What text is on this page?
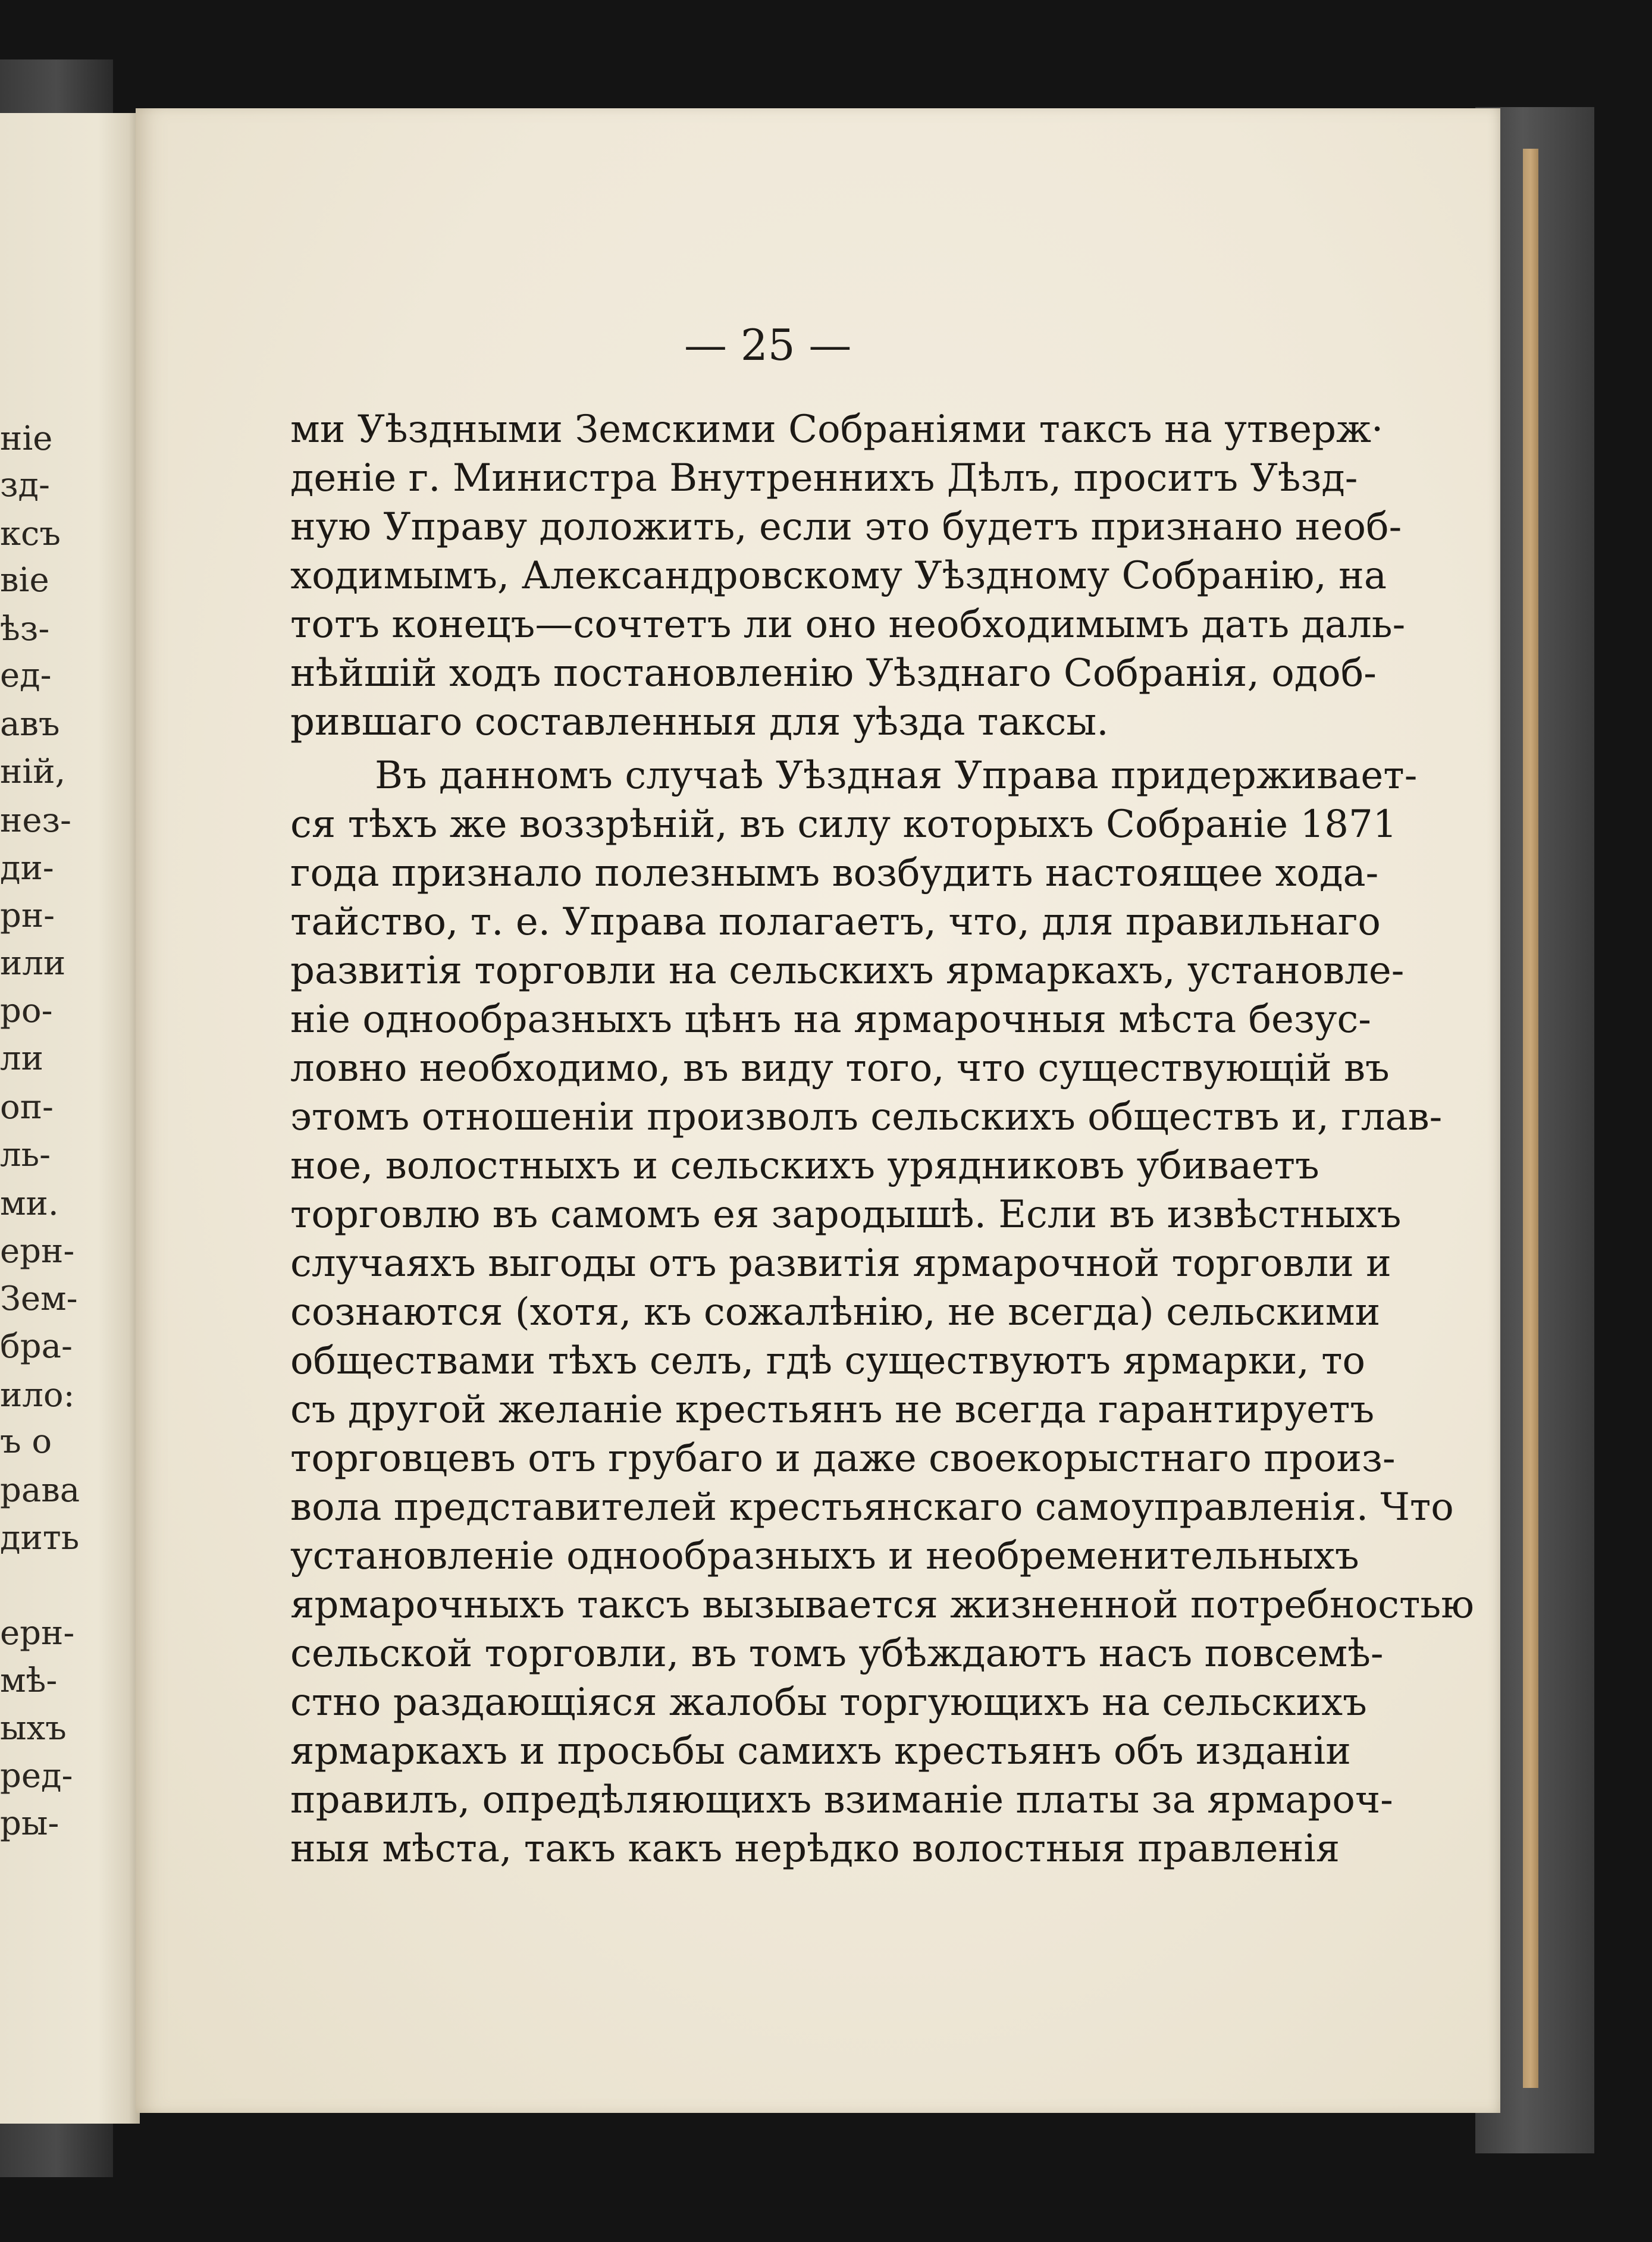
ніе
зд-
ксъ
віе
ѣз-
ед-
авъ
ній,
нез-
ди-
рн-
или
ро-
ли
оп-
ль-
ми.
ерн-
Зем-
бра-
ило:
ъ о
рава
дить
ерн-
мѣ-
ыхъ
ред-
ры-
— 25 —
ми Уѣздными Земскими Собраніями таксъ на утверж·
деніе г. Министра Внутреннихъ Дѣлъ, проситъ Уѣзд-
ную Управу доложить, если это будетъ признано необ-
ходимымъ, Александровскому Уѣздному Собранію, на
тотъ конецъ—сочтетъ ли оно необходимымъ дать даль-
нѣйшій ходъ постановленію Уѣзднаго Собранія, одоб-
рившаго составленныя для уѣзда таксы.
Въ данномъ случаѣ Уѣздная Управа придерживает-
ся тѣхъ же воззрѣній, въ силу которыхъ Собраніе 1871
года признало полезнымъ возбудить настоящее хода-
тайство, т. е. Управа полагаетъ, что, для правильнаго
развитія торговли на сельскихъ ярмаркахъ, установле-
ніе однообразныхъ цѣнъ на ярмарочныя мѣста безус-
ловно необходимо, въ виду того, что существующій въ
этомъ отношеніи произволъ сельскихъ обществъ и, глав-
ное, волостныхъ и сельскихъ урядниковъ убиваетъ
торговлю въ самомъ ея зародышѣ. Если въ извѣстныхъ
случаяхъ выгоды отъ развитія ярмарочной торговли и
сознаются (хотя, къ сожалѣнію, не всегда) сельскими
обществами тѣхъ селъ, гдѣ существуютъ ярмарки, то
съ другой желаніе крестьянъ не всегда гарантируетъ
торговцевъ отъ грубаго и даже своекорыстнаго произ-
вола представителей крестьянскаго самоуправленія. Что
установленіе однообразныхъ и необременительныхъ
ярмарочныхъ таксъ вызывается жизненной потребностью
сельской торговли, въ томъ убѣждаютъ насъ повсемѣ-
стно раздающіяся жалобы торгующихъ на сельскихъ
ярмаркахъ и просьбы самихъ крестьянъ объ изданіи
правилъ, опредѣляющихъ взиманіе платы за ярмароч-
ныя мѣста, такъ какъ нерѣдко волостныя правленія
